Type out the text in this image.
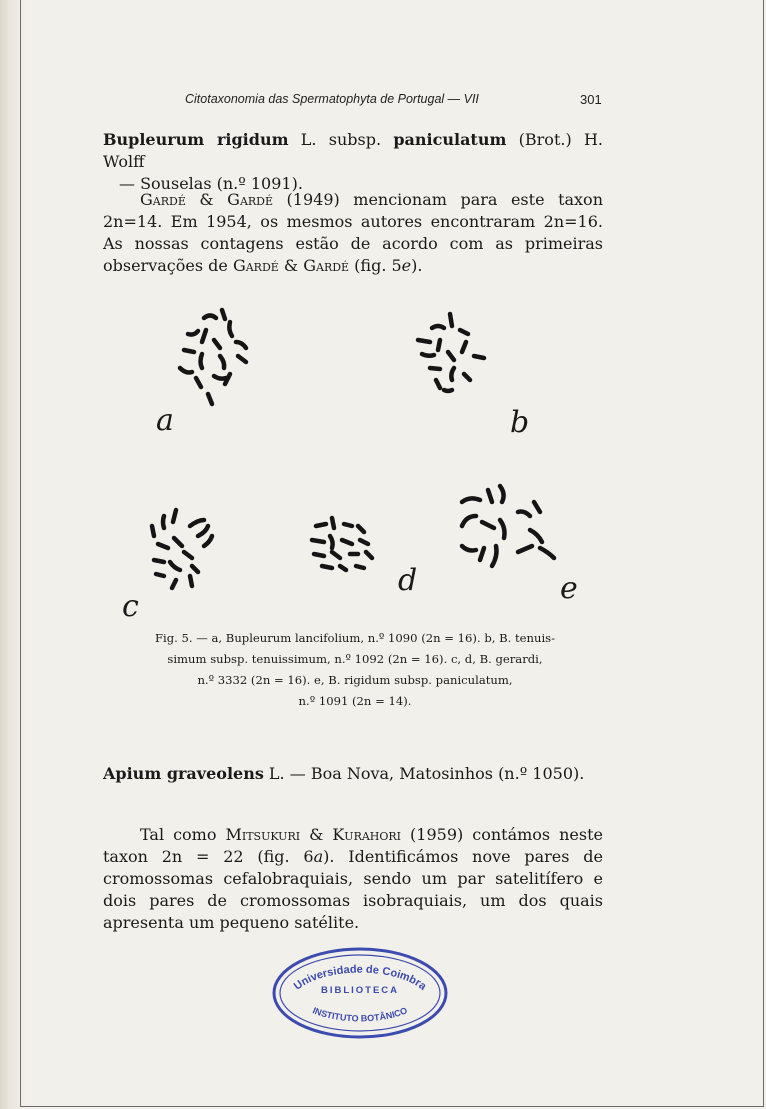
Citotaxonomia das Spermatophyta de Portugal — VII	301

Bupleurum rigidum L. subsp. paniculatum (Brot.) H. Wolff

— Souselas (n.º 1091).

Gardé & Gardé (1949) mencionam para este taxon 2n=14. Em 1954, os mesmos autores encontraram 2n=16. As nossas contagens estão de acordo com as primeiras observações de Gardé & Gardé (fig. 5e).

a	b
c
d	e

Fig. 5. — a, Bupleurum lancifolium, n.º 1090 (2n = 16). b, B. tenuis-

simum subsp. tenuissimum, n.º 1092 (2n = 16). c, d, B. gerardi,

n.º 3332 (2n = 16). e, B. rigidum subsp. paniculatum,

n.º 1091 (2n = 14).

Apium graveolens L. — Boa Nova, Matosinhos (n.º 1050).

Tal como Mitsukuri & Kurahori (1959) contámos neste taxon 2n = 22 (fig. 6a). Identificámos nove pares de cromossomas cefalobraquiais, sendo um par satelitífero e dois pares de cromossomas isobraquiais, um dos quais apresenta um pequeno satélite.

Universidade de Coimbra
INSTITUTO BOTÂNICO
BIBLIOTECA
